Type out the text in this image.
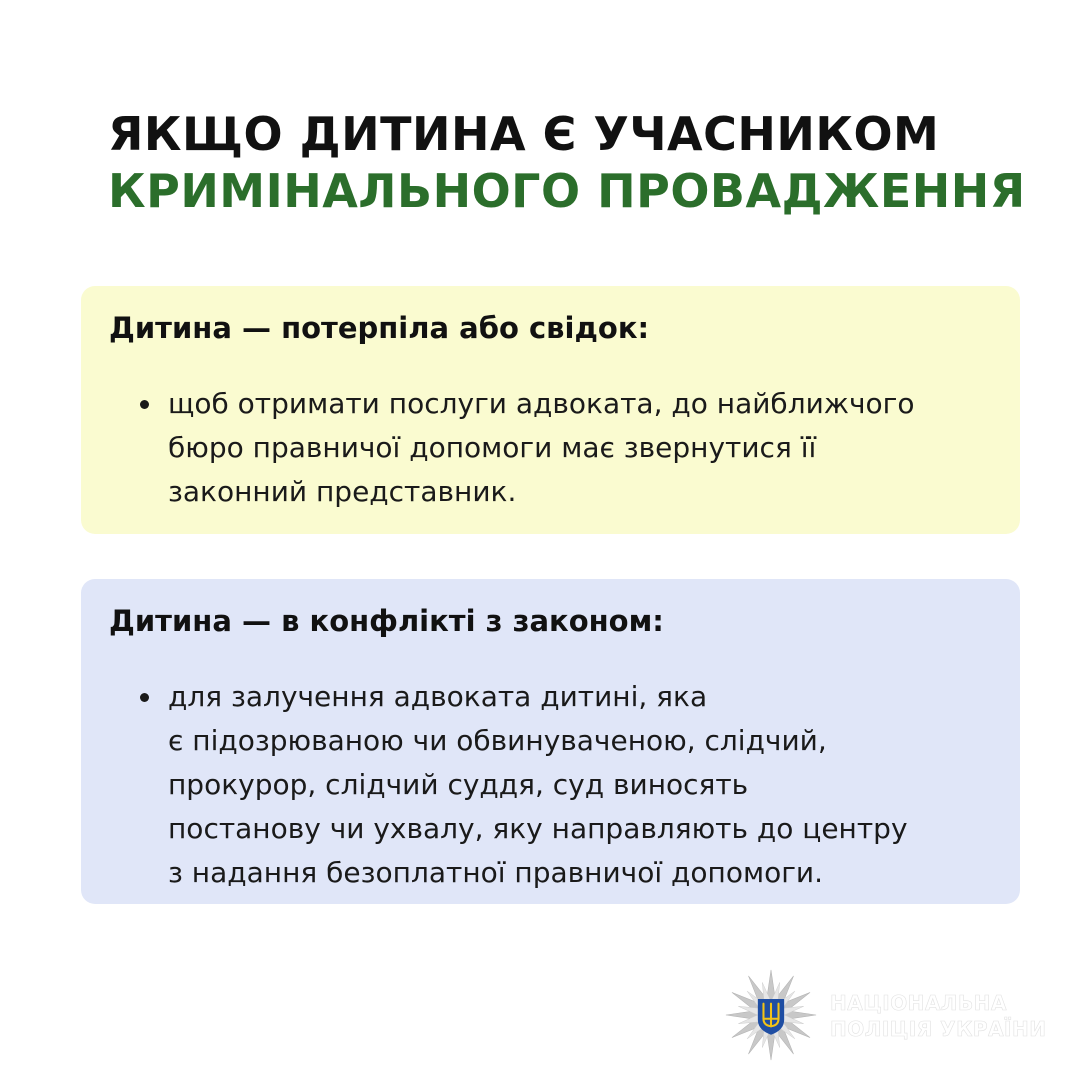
ЯКЩО ДИТИНА Є УЧАСНИКОМ
КРИМІНАЛЬНОГО ПРОВАДЖЕННЯ
Дитина — потерпіла або свідок:
щоб отримати послуги адвоката, до найближчого
бюро правничої допомоги має звернутися її
законний представник.
Дитина — в конфлікті з законом:
для залучення адвоката дитині, яка
є підозрюваною чи обвинуваченою, слідчий,
прокурор, слідчий суддя, суд виносять
постанову чи ухвалу, яку направляють до центру
з надання безоплатної правничої допомоги.
НАЦІОНАЛЬНА
ПОЛІЦІЯ УКРАЇНИ
